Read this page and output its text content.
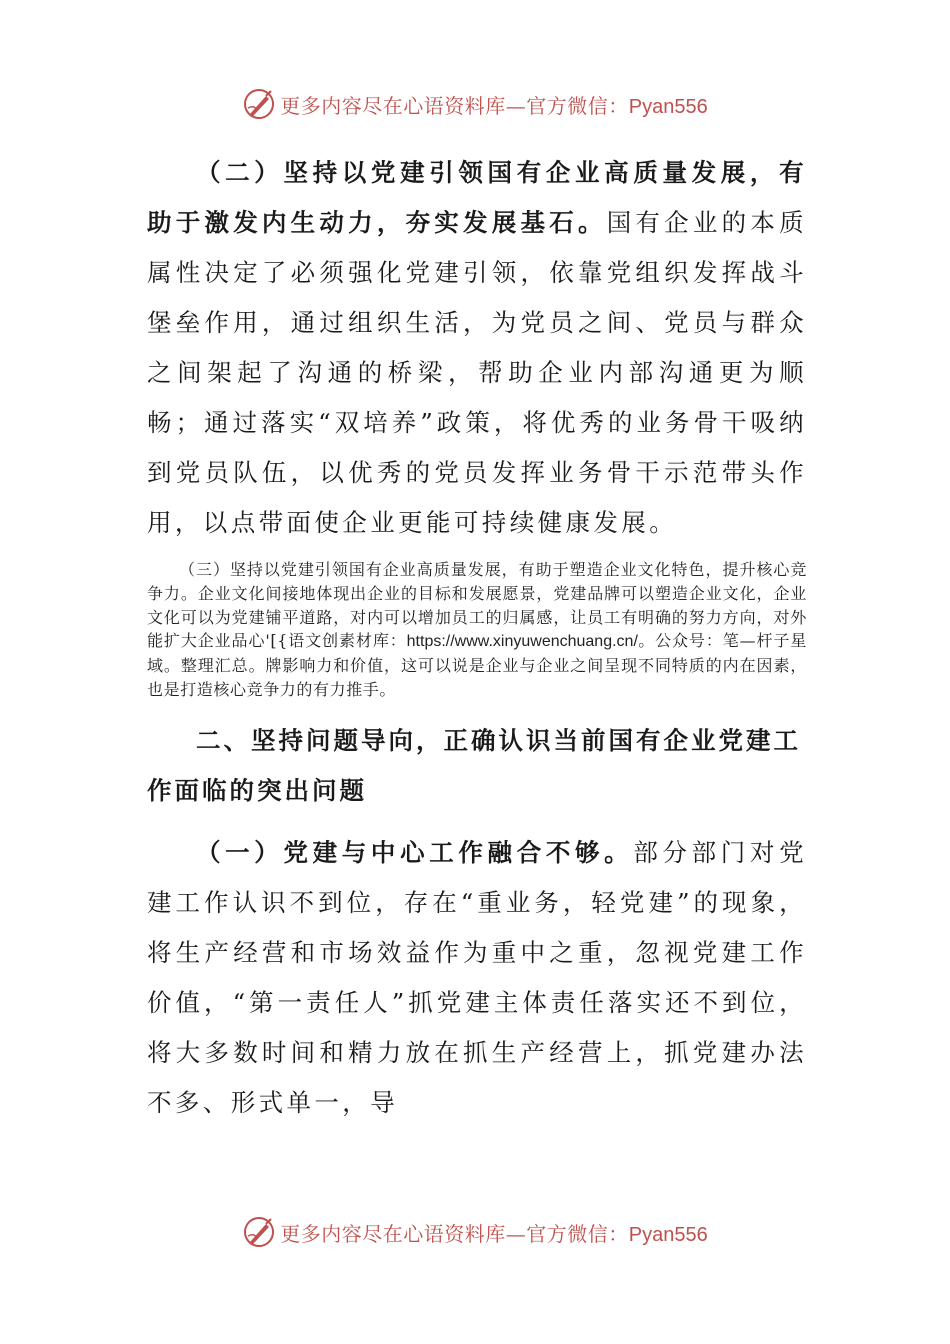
更多内容尽在心语资料库—官方微信：Pyan556

（二）坚持以党建引领国有企业高质量发展，有助于激发内生动力，夯实发展基石。国有企业的本质属性决定了必须强化党建引领，依靠党组织发挥战斗堡垒作用，通过组织生活，为党员之间、党员与群众之间架起了沟通的桥梁，帮助企业内部沟通更为顺畅；通过落实“双培养”政策，将优秀的业务骨干吸纳到党员队伍，以优秀的党员发挥业务骨干示范带头作用，以点带面使企业更能可持续健康发展。

（三）坚持以党建引领国有企业高质量发展，有助于塑造企业文化特色，提升核心竞争力。企业文化间接地体现出企业的目标和发展愿景，党建品牌可以塑造企业文化，企业文化可以为党建铺平道路，对内可以增加员工的归属感，让员工有明确的努力方向，对外能扩大企业品心'[{语文创素材库：https://www.xinyuwenchuang.cn/。公众号：笔—杆子星域。整理汇总。牌影响力和价值，这可以说是企业与企业之间呈现不同特质的内在因素，也是打造核心竞争力的有力推手。

二、坚持问题导向，正确认识当前国有企业党建工作面临的突出问题

（一）党建与中心工作融合不够。部分部门对党建工作认识不到位，存在“重业务，轻党建”的现象，将生产经营和市场效益作为重中之重，忽视党建工作价值，“第一责任人”抓党建主体责任落实还不到位，将大多数时间和精力放在抓生产经营上，抓党建办法不多、形式单一，导

更多内容尽在心语资料库—官方微信：Pyan556
